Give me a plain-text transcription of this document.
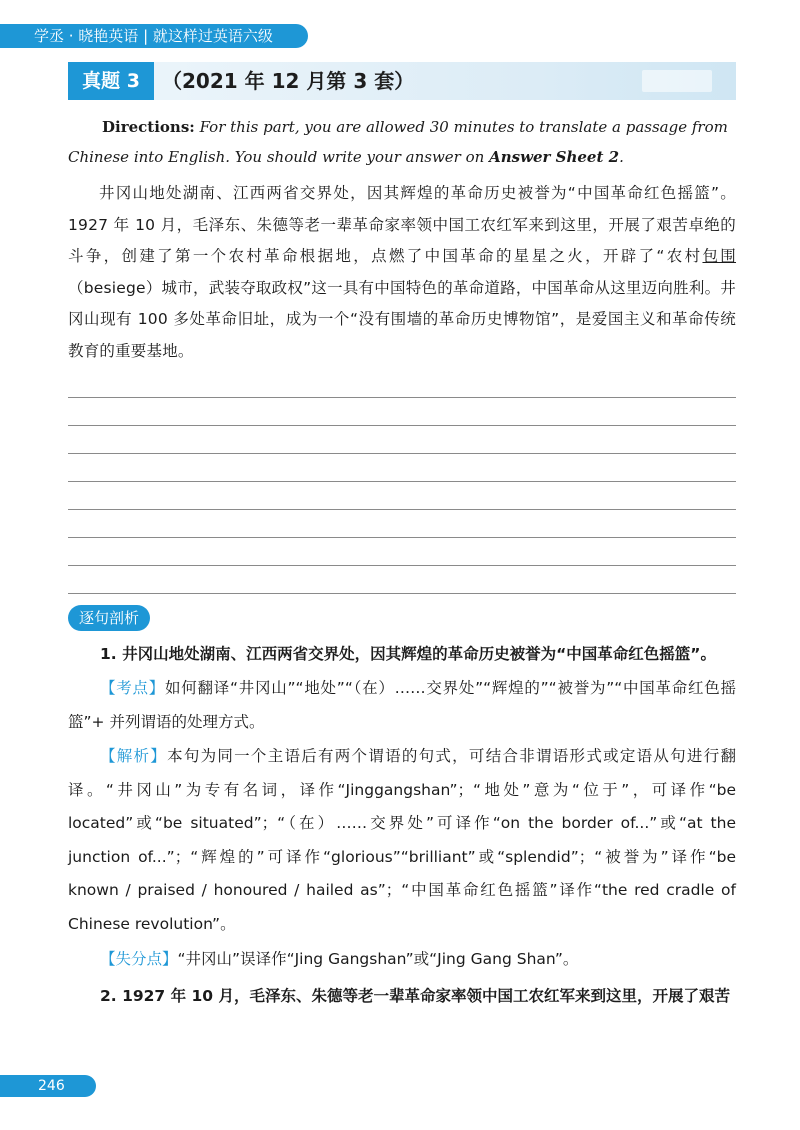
学丞 · 晓艳英语 | 就这样过英语六级
真题 3	（2021 年 12 月第 3 套）
Directions: For this part, you are allowed 30 minutes to translate a passage from Chinese into English. You should write your answer on Answer Sheet 2.
井冈山地处湖南、江西两省交界处，因其辉煌的革命历史被誉为“中国革命红色摇篮”。1927 年 10 月，毛泽东、朱德等老一辈革命家率领中国工农红军来到这里，开展了艰苦卓绝的斗争，创建了第一个农村革命根据地，点燃了中国革命的星星之火，开辟了“农村包围（besiege）城市，武装夺取政权”这一具有中国特色的革命道路，中国革命从这里迈向胜利。井冈山现有 100 多处革命旧址，成为一个“没有围墙的革命历史博物馆”，是爱国主义和革命传统教育的重要基地。
逐句剖析
1. 井冈山地处湖南、江西两省交界处，因其辉煌的革命历史被誉为“中国革命红色摇篮”。
【考点】如何翻译“井冈山”“地处”“（在）……交界处”“辉煌的”“被誉为”“中国革命红色摇篮”+ 并列谓语的处理方式。
【解析】本句为同一个主语后有两个谓语的句式，可结合非谓语形式或定语从句进行翻译。“井冈山”为专有名词，译作“Jinggangshan”；“地处”意为“位于”，可译作“be located”或“be situated”；“（在）……交界处”可译作“on the border of...”或“at the junction of...”；“辉煌的”可译作“glorious”“brilliant”或“splendid”；“被誉为”译作“be known / praised / honoured / hailed as”；“中国革命红色摇篮”译作“the red cradle of Chinese revolution”。
【失分点】“井冈山”误译作“Jing Gangshan”或“Jing Gang Shan”。
2. 1927 年 10 月，毛泽东、朱德等老一辈革命家率领中国工农红军来到这里，开展了艰苦
246
